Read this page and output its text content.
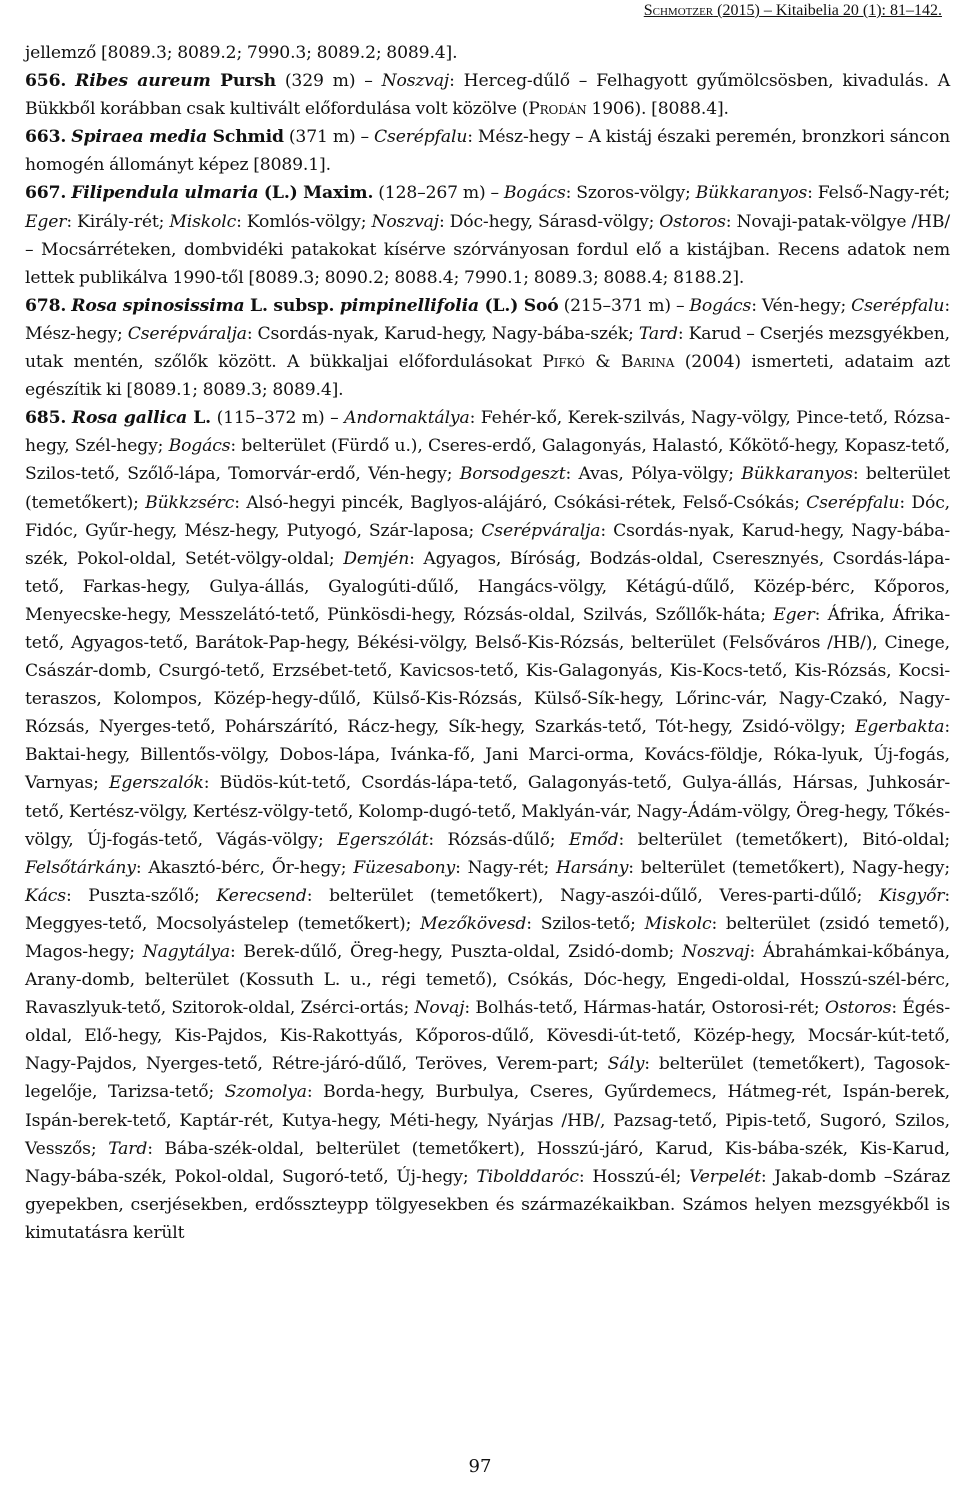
Schmotzer (2015) – Kitaibelia 20 (1): 81–142.

jellemző [8089.3; 8089.2; 7990.3; 8089.2; 8089.4].

656. Ribes aureum Pursh (329 m) – Noszvaj: Herceg-dűlő – Felhagyott gyűmölcsösben, kivadulás. A Bükkből korábban csak kultivált előfordulása volt közölve (Prodán 1906). [8088.4].

663. Spiraea media Schmid (371 m) – Cserépfalu: Mész-hegy – A kistáj északi peremén, bronzkori sáncon homogén állományt képez [8089.1].

667. Filipendula ulmaria (L.) Maxim. (128–267 m) – Bogács: Szoros-völgy; Bükkaranyos: Felső-Nagy-rét; Eger: Király-rét; Miskolc: Komlós-völgy; Noszvaj: Dóc-hegy, Sárasd-völgy; Ostoros: Novaji-patak-völgye /HB/ – Mocsárréteken, dombvidéki patakokat kísérve szórványosan fordul elő a kistájban. Recens adatok nem lettek publikálva 1990-től [8089.3; 8090.2; 8088.4; 7990.1; 8089.3; 8088.4; 8188.2].

678. Rosa spinosissima L. subsp. pimpinellifolia (L.) Soó (215–371 m) – Bogács: Vén-hegy; Cserépfalu: Mész-hegy; Cserépváralja: Csordás-nyak, Karud-hegy, Nagy-bába-szék; Tard: Karud – Cserjés mezsgyékben, utak mentén, szőlők között. A bükkaljai előfordulásokat Pifkó & Barina (2004) ismerteti, adataim azt egészítik ki [8089.1; 8089.3; 8089.4].

685. Rosa gallica L. (115–372 m) – Andornaktálya: Fehér-kő, Kerek-szilvás, Nagy-völgy, Pince-tető, Rózsa-hegy, Szél-hegy; Bogács: belterület (Fürdő u.), Cseres-erdő, Galagonyás, Halastó, Kőkötő-hegy, Kopasz-tető, Szilos-tető, Szőlő-lápa, Tomorvár-erdő, Vén-hegy; Borsodgeszt: Avas, Pólya-völgy; Bükkaranyos: belterület (temetőkert); Bükkzsérc: Alsó-hegyi pincék, Baglyos-alájáró, Csókási-rétek, Felső-Csókás; Cserépfalu: Dóc, Fidóc, Gyűr-hegy, Mész-hegy, Putyogó, Szár-laposa; Cserépváralja: Csordás-nyak, Karud-hegy, Nagy-bába-szék, Pokol-oldal, Setét-völgy-oldal; Demjén: Agyagos, Bíróság, Bodzás-oldal, Cseresznyés, Csordás-lápa-tető, Farkas-hegy, Gulya-állás, Gyalogúti-dűlő, Hangács-völgy, Kétágú-dűlő, Közép-bérc, Kőporos, Menyecske-hegy, Messzelátó-tető, Pünkösdi-hegy, Rózsás-oldal, Szilvás, Szőllők-háta; Eger: Áfrika, Áfrika-tető, Agyagos-tető, Barátok-Pap-hegy, Békési-völgy, Belső-Kis-Rózsás, belterület (Felsőváros /HB/), Cinege, Császár-domb, Csurgó-tető, Erzsébet-tető, Kavicsos-tető, Kis-Galagonyás, Kis-Kocs-tető, Kis-Rózsás, Kocsi-teraszos, Kolompos, Közép-hegy-dűlő, Külső-Kis-Rózsás, Külső-Sík-hegy, Lőrinc-vár, Nagy-Czakó, Nagy-Rózsás, Nyerges-tető, Pohárszárító, Rácz-hegy, Sík-hegy, Szarkás-tető, Tót-hegy, Zsidó-völgy; Egerbakta: Baktai-hegy, Billentős-völgy, Dobos-lápa, Ivánka-fő, Jani Marci-orma, Kovács-földje, Róka-lyuk, Új-fogás, Varnyas; Egerszalók: Büdös-kút-tető, Csordás-lápa-tető, Galagonyás-tető, Gulya-állás, Hársas, Juhkosár-tető, Kertész-völgy, Kertész-völgy-tető, Kolomp-dugó-tető, Maklyán-vár, Nagy-Ádám-völgy, Öreg-hegy, Tőkés-völgy, Új-fogás-tető, Vágás-völgy; Egerszólát: Rózsás-dűlő; Emőd: belterület (temetőkert), Bitó-oldal; Felsőtárkány: Akasztó-bérc, Őr-hegy; Füzesabony: Nagy-rét; Harsány: belterület (temetőkert), Nagy-hegy; Kács: Puszta-szőlő; Kerecsend: belterület (temetőkert), Nagy-aszói-dűlő, Veres-parti-dűlő; Kisgyőr: Meggyes-tető, Mocsolyástelep (temetőkert); Mezőkövesd: Szilos-tető; Miskolc: belterület (zsidó temető), Magos-hegy; Nagytálya: Berek-dűlő, Öreg-hegy, Puszta-oldal, Zsidó-domb; Noszvaj: Ábrahámkai-kőbánya, Arany-domb, belterület (Kossuth L. u., régi temető), Csókás, Dóc-hegy, Engedi-oldal, Hosszú-szél-bérc, Ravaszlyuk-tető, Szitorok-oldal, Zsérci-ortás; Novaj: Bolhás-tető, Hármas-határ, Ostorosi-rét; Ostoros: Égés-oldal, Elő-hegy, Kis-Pajdos, Kis-Rakottyás, Kőporos-dűlő, Kövesdi-út-tető, Közép-hegy, Mocsár-kút-tető, Nagy-Pajdos, Nyerges-tető, Rétre-járó-dűlő, Teröves, Verem-part; Sály: belterület (temetőkert), Tagosok-legelője, Tarizsa-tető; Szomolya: Borda-hegy, Burbulya, Cseres, Gyűrdemecs, Hátmeg-rét, Ispán-berek, Ispán-berek-tető, Kaptár-rét, Kutya-hegy, Méti-hegy, Nyárjas /HB/, Pazsag-tető, Pipis-tető, Sugoró, Szilos, Vesszős; Tard: Bába-szék-oldal, belterület (temetőkert), Hosszú-járó, Karud, Kis-bába-szék, Kis-Karud, Nagy-bába-szék, Pokol-oldal, Sugoró-tető, Új-hegy; Tibolddaróc: Hosszú-él; Verpelét: Jakab-domb –Száraz gyepekben, cserjésekben, erdősszteypp tölgyesekben és származékaikban. Számos helyen mezsgyékből is kimutatásra került

97
